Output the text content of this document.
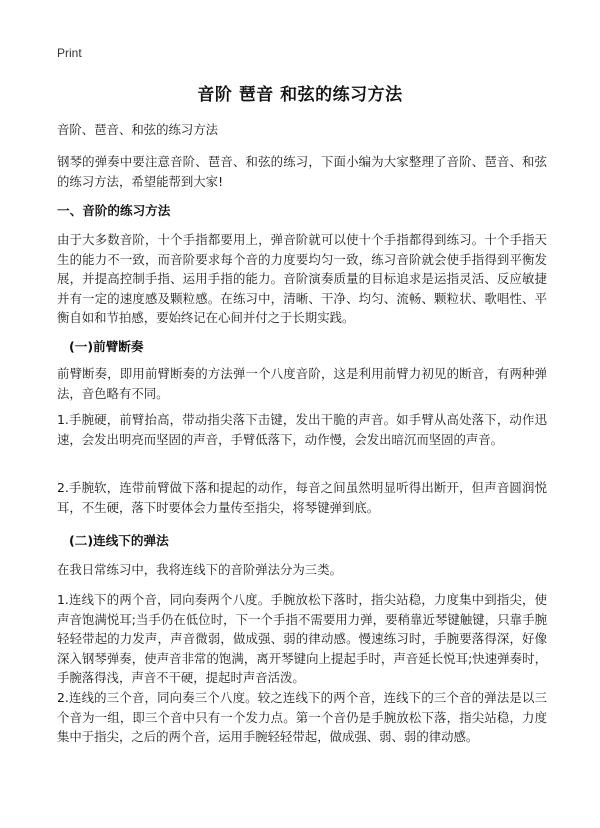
Print
音阶 琶音 和弦的练习方法

音阶、琶音、和弦的练习方法

钢琴的弹奏中要注意音阶、琶音、和弦的练习，下面小编为大家整理了音阶、琶音、和弦的练习方法，希望能帮到大家!

一、音阶的练习方法

由于大多数音阶，十个手指都要用上，弹音阶就可以使十个手指都得到练习。十个手指天生的能力不一致，而音阶要求每个音的力度要均匀一致，练习音阶就会使手指得到平衡发展，并提高控制手指、运用手指的能力。音阶演奏质量的目标追求是运指灵活、反应敏捷并有一定的速度感及颗粒感。在练习中，清晰、干净、均匀、流畅、颗粒状、歌唱性、平衡自如和节拍感，要始终记在心间并付之于长期实践。

(一)前臂断奏

前臂断奏，即用前臂断奏的方法弹一个八度音阶，这是利用前臂力初见的断音，有两种弹法，音色略有不同。

1.手腕硬，前臂抬高，带动指尖落下击键，发出干脆的声音。如手臂从高处落下，动作迅速，会发出明亮而坚固的声音，手臂低落下，动作慢，会发出暗沉而坚固的声音。

2.手腕软，连带前臂做下落和提起的动作，每音之间虽然明显听得出断开，但声音圆润悦耳，不生硬，落下时要体会力量传至指尖，将琴键弹到底。

(二)连线下的弹法

在我日常练习中，我将连线下的音阶弹法分为三类。

1.连线下的两个音，同向奏两个八度。手腕放松下落时，指尖站稳，力度集中到指尖，使声音饱满悦耳;当手仍在低位时，下一个手指不需要用力弹，要稍靠近琴键触键，只靠手腕轻轻带起的力发声，声音微弱，做成强、弱的律动感。慢速练习时，手腕要落得深，好像深入钢琴弹奏，使声音非常的饱满，离开琴键向上提起手时，声音延长悦耳;快速弹奏时，手腕落得浅，声音不干硬，提起时声音活泼。

2.连线的三个音，同向奏三个八度。较之连线下的两个音，连线下的三个音的弹法是以三个音为一组，即三个音中只有一个发力点。第一个音仍是手腕放松下落，指尖站稳，力度集中于指尖，之后的两个音，运用手腕轻轻带起，做成强、弱、弱的律动感。
